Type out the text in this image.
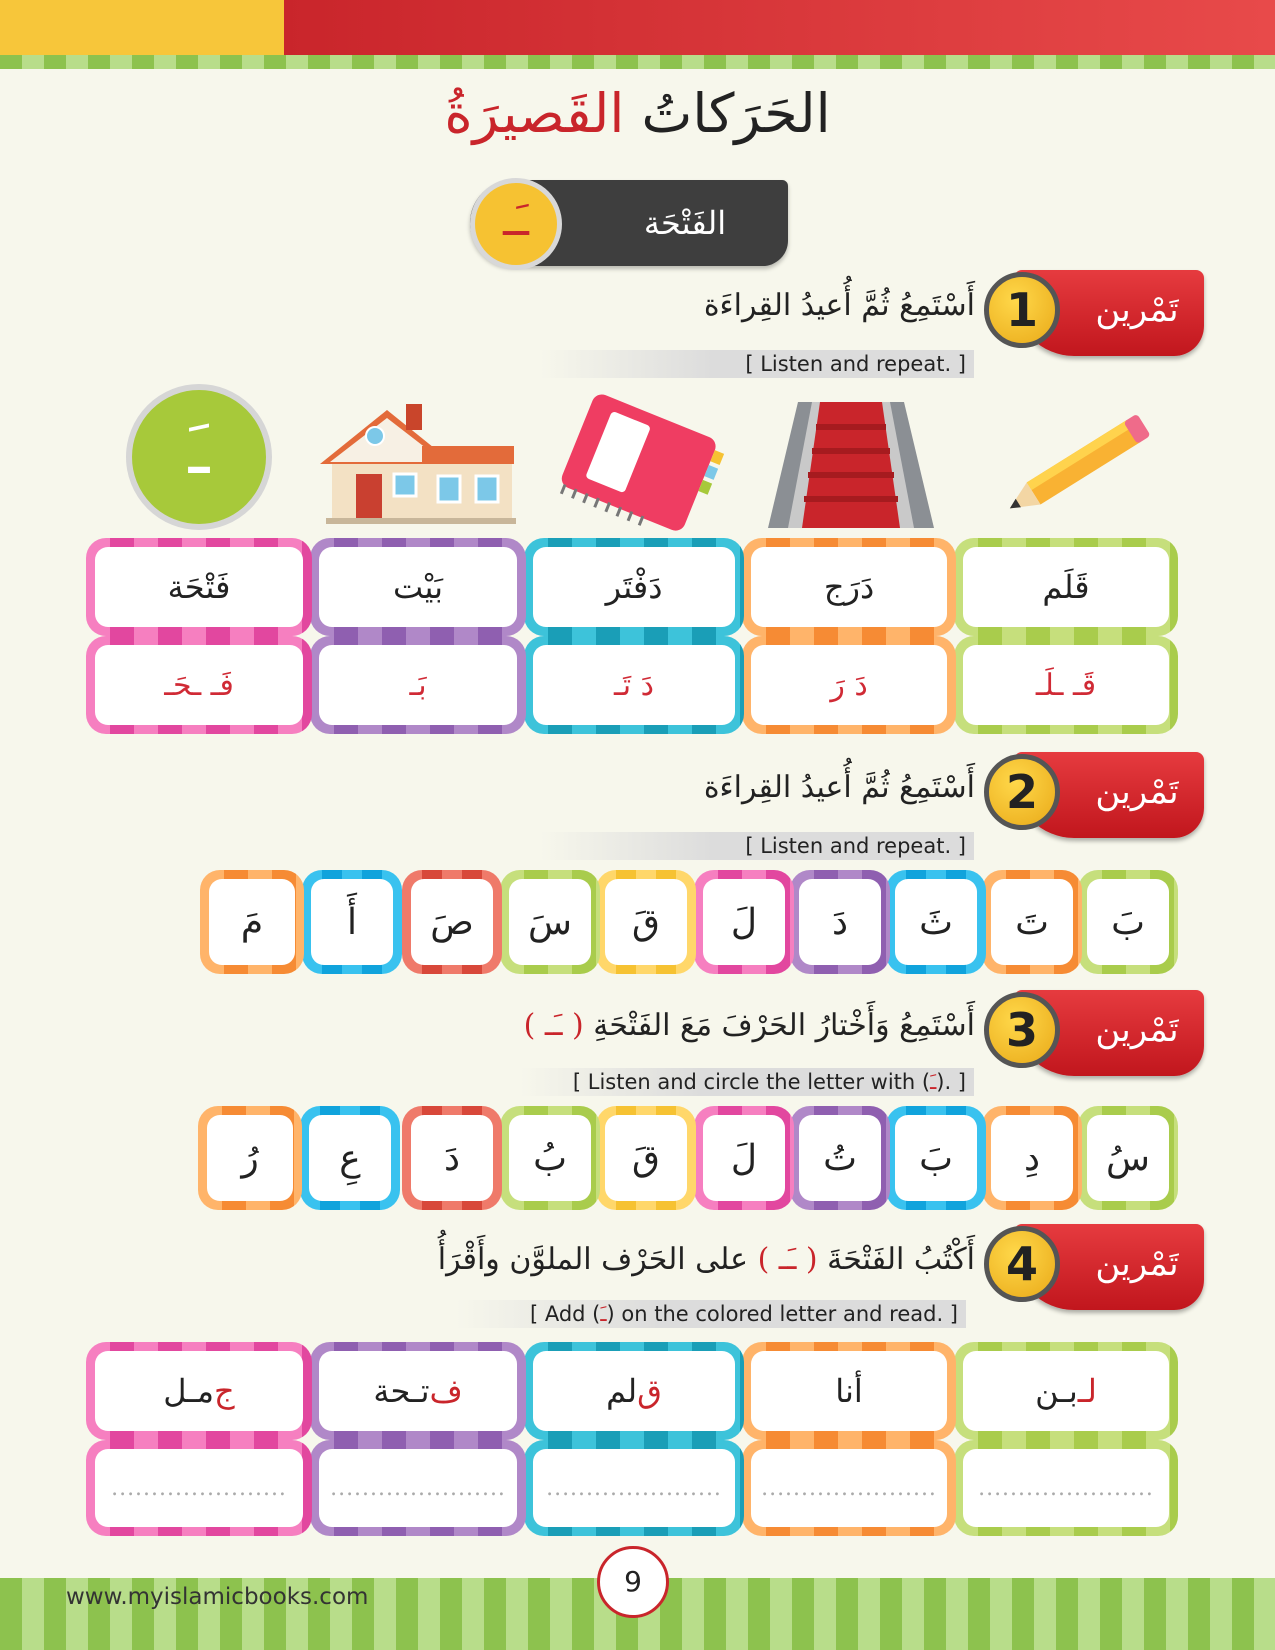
الحَرَكاتُ القَصيرَةُ
الفَتْحَة
ـَـ
تَمْرين
1
أَسْتَمِعُ ثُمَّ أُعيدُ القِراءَة
[ Listen and repeat. ]
ـَ
قَلَم
دَرَج
دَفْتَر
بَيْت
فَتْحَة
قَـ ـلَـ
دَ رَ
دَ تَـ
بَـ
فَـ ـحَـ
تَمْرين
2
أَسْتَمِعُ ثُمَّ أُعيدُ القِراءَة
[ Listen and repeat. ]
بَ
تَ
ثَ
دَ
لَ
قَ
سَ
صَ
أَ
مَ
تَمْرين
3
أَسْتَمِعُ وَأَخْتارُ الحَرْفَ مَعَ الفَتْحَةِ ( ـَـ )
[ Listen and circle the letter with (ـَ). ]
سُ
دِ
بَ
تُ
لَ
قَ
بُ
دَ
عِ
رُ
تَمْرين
4
أَكْتُبُ الفَتْحَةَ ( ـَـ ) على الحَرْف الملوَّن وأَقْرَأُ
[ Add (ـَ) on the colored letter and read. ]
لـ
بـن
أنا
ق
لم
ف
تـحة
ج
مـل
......................
......................
......................
......................
......................
www.myislamicbooks.com	9
